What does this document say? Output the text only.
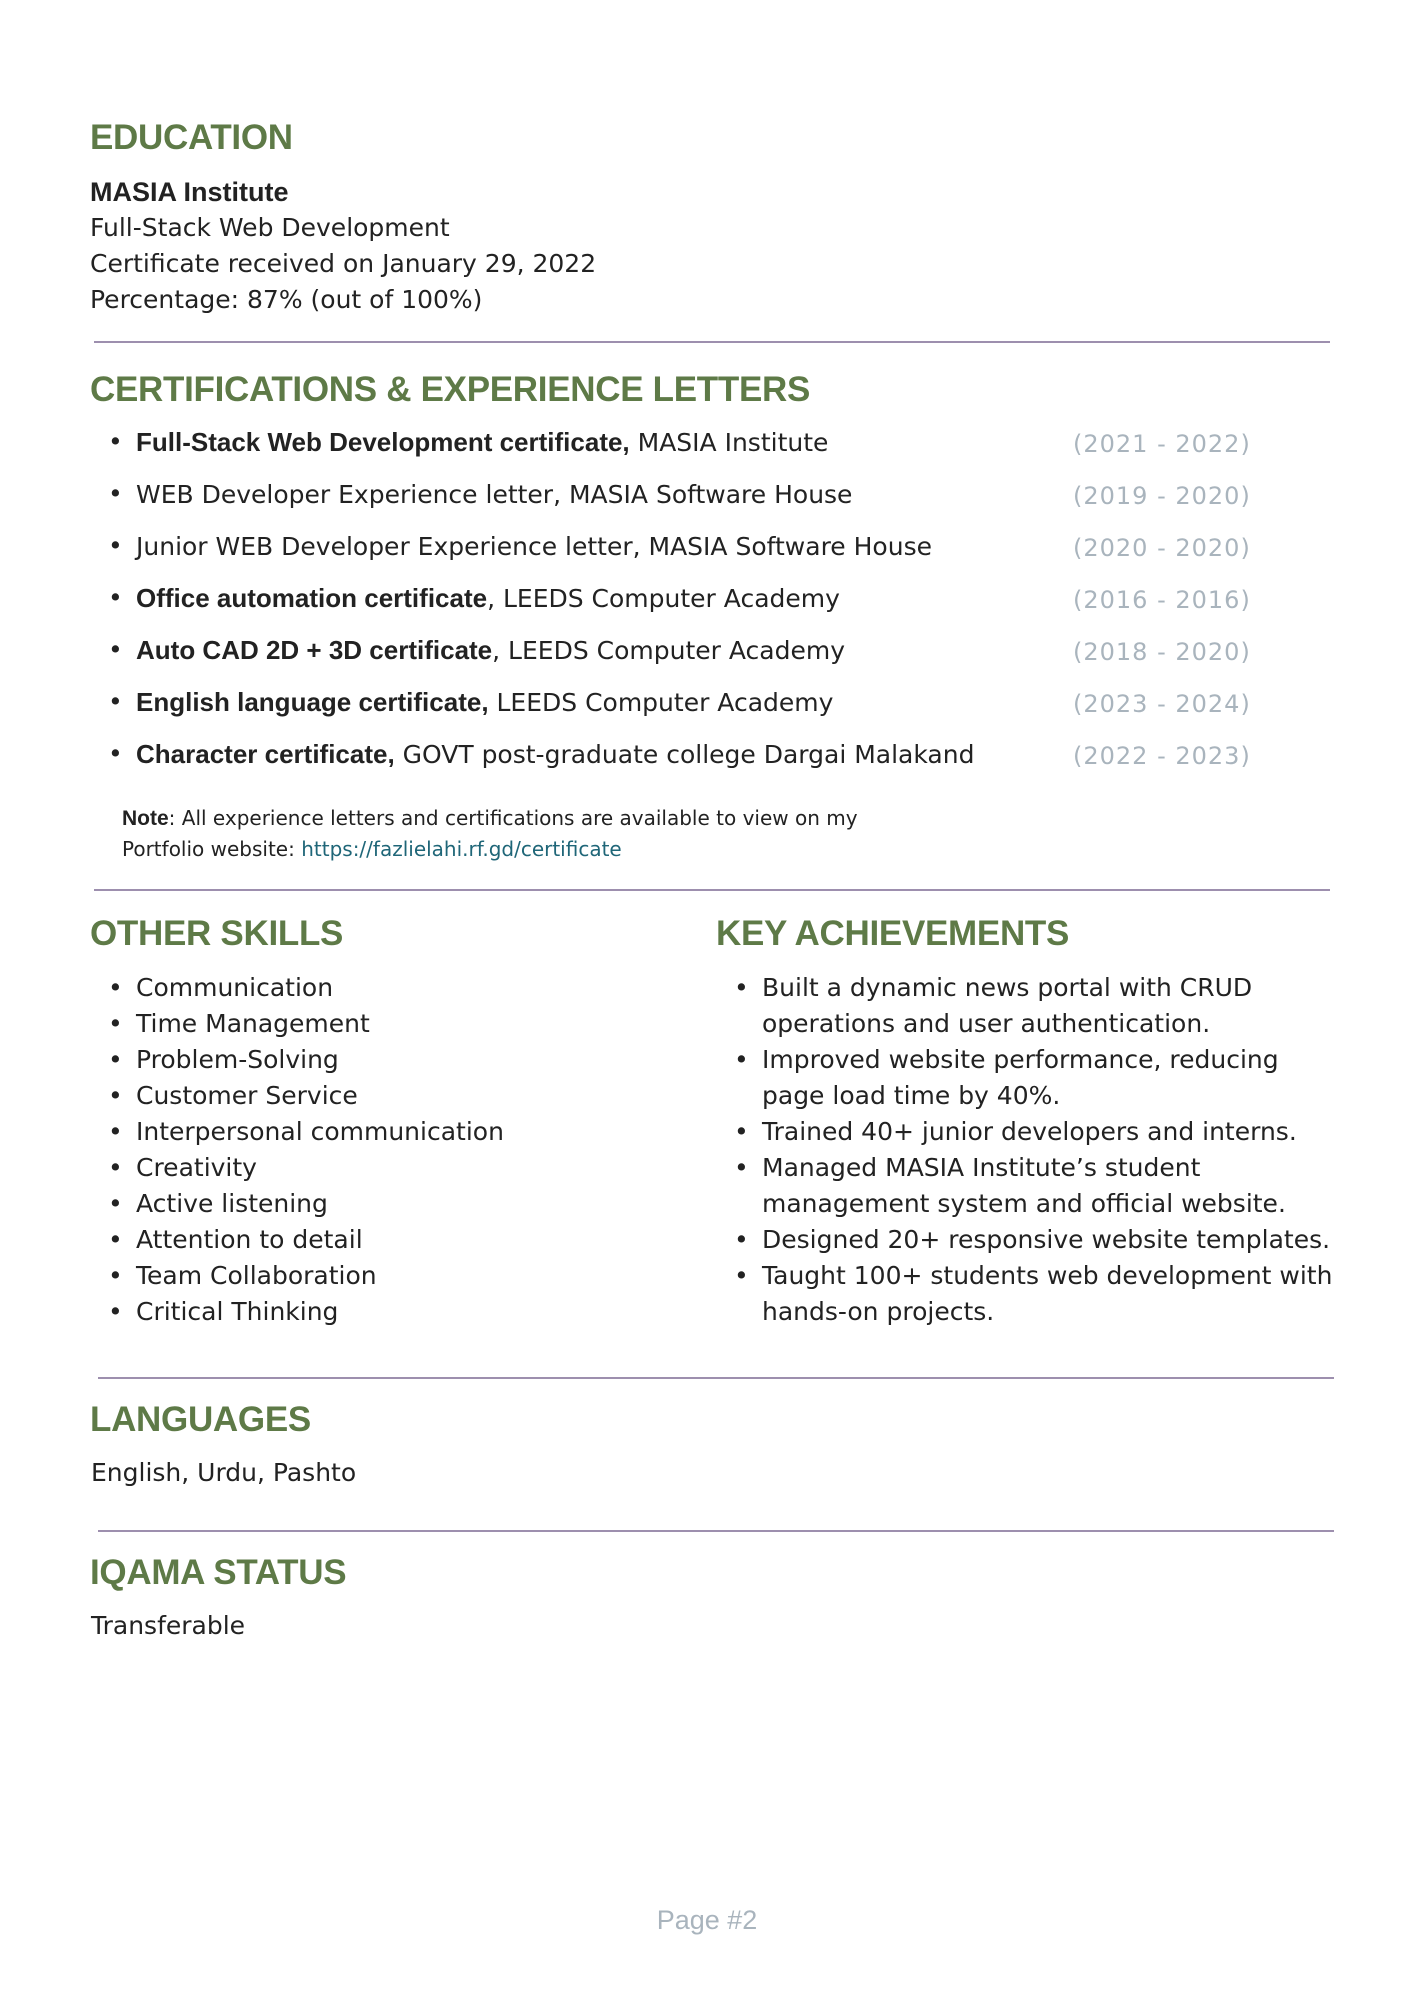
EDUCATION
MASIA Institute
Full-Stack Web Development
Certificate received on January 29, 2022
Percentage: 87% (out of 100%)
CERTIFICATIONS & EXPERIENCE LETTERS
• Full-Stack Web Development certificate, MASIA Institute	(2021 - 2022)
• WEB Developer Experience letter, MASIA Software House	(2019 - 2020)
• Junior WEB Developer Experience letter, MASIA Software House	(2020 - 2020)
• Office automation certificate, LEEDS Computer Academy	(2016 - 2016)
• Auto CAD 2D + 3D certificate, LEEDS Computer Academy	(2018 - 2020)
• English language certificate, LEEDS Computer Academy	(2023 - 2024)
• Character certificate, GOVT post-graduate college Dargai Malakand	(2022 - 2023)
Note: All experience letters and certifications are available to view on my
Portfolio website: https://fazlielahi.rf.gd/certificate
OTHER SKILLS	KEY ACHIEVEMENTS
• Communication
• Time Management
• Problem-Solving
• Customer Service
• Interpersonal communication
• Creativity
• Active listening
• Attention to detail
• Team Collaboration
• Critical Thinking
• Built a dynamic news portal with CRUD operations and user authentication.
• Improved website performance, reducing page load time by 40%.
• Trained 40+ junior developers and interns.
• Managed MASIA Institute’s student management system and official website.
• Designed 20+ responsive website templates.
• Taught 100+ students web development with hands-on projects.
LANGUAGES
English, Urdu, Pashto
IQAMA STATUS
Transferable
Page #2
